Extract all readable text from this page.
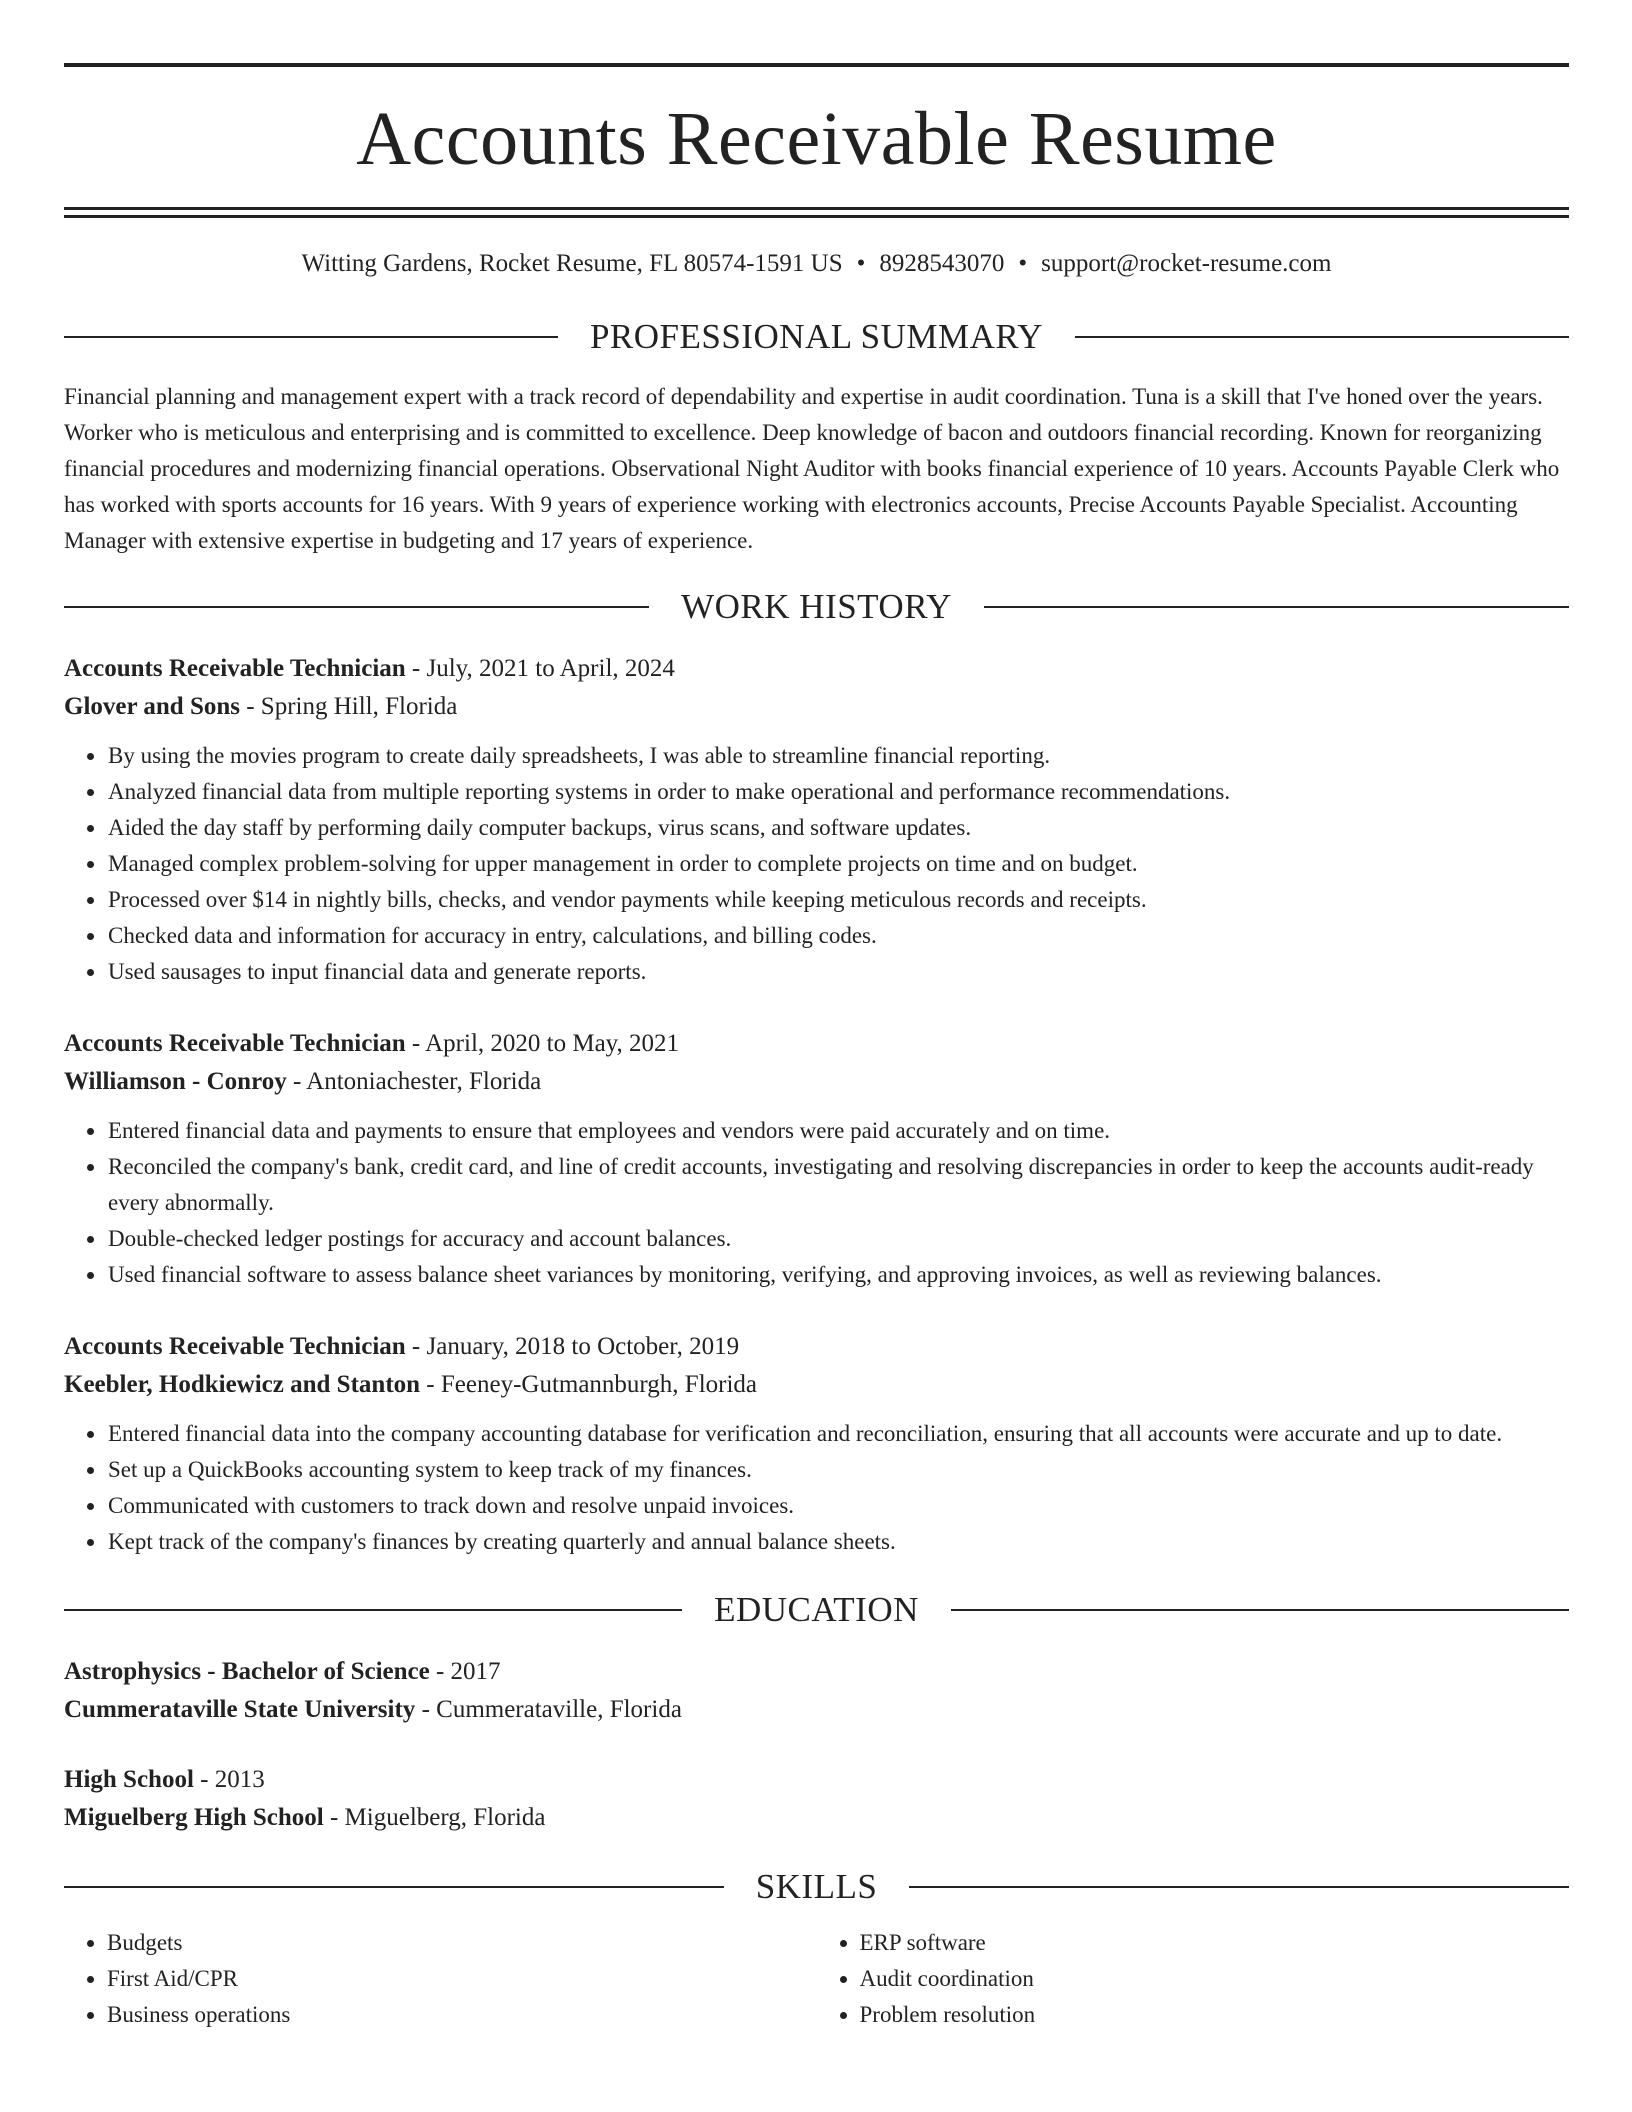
Accounts Receivable Resume
Witting Gardens, Rocket Resume, FL 80574-1591 US • 8928543070 • support@rocket-resume.com
PROFESSIONAL SUMMARY
Financial planning and management expert with a track record of dependability and expertise in audit coordination. Tuna is a skill that I've honed over the years. Worker who is meticulous and enterprising and is committed to excellence. Deep knowledge of bacon and outdoors financial recording. Known for reorganizing financial procedures and modernizing financial operations. Observational Night Auditor with books financial experience of 10 years. Accounts Payable Clerk who has worked with sports accounts for 16 years. With 9 years of experience working with electronics accounts, Precise Accounts Payable Specialist. Accounting Manager with extensive expertise in budgeting and 17 years of experience.
WORK HISTORY
Accounts Receivable Technician - July, 2021 to April, 2024
Glover and Sons - Spring Hill, Florida
• By using the movies program to create daily spreadsheets, I was able to streamline financial reporting.
• Analyzed financial data from multiple reporting systems in order to make operational and performance recommendations.
• Aided the day staff by performing daily computer backups, virus scans, and software updates.
• Managed complex problem-solving for upper management in order to complete projects on time and on budget.
• Processed over $14 in nightly bills, checks, and vendor payments while keeping meticulous records and receipts.
• Checked data and information for accuracy in entry, calculations, and billing codes.
• Used sausages to input financial data and generate reports.
Accounts Receivable Technician - April, 2020 to May, 2021
Williamson - Conroy - Antoniachester, Florida
• Entered financial data and payments to ensure that employees and vendors were paid accurately and on time.
• Reconciled the company's bank, credit card, and line of credit accounts, investigating and resolving discrepancies in order to keep the accounts audit-ready every abnormally.
• Double-checked ledger postings for accuracy and account balances.
• Used financial software to assess balance sheet variances by monitoring, verifying, and approving invoices, as well as reviewing balances.
Accounts Receivable Technician - January, 2018 to October, 2019
Keebler, Hodkiewicz and Stanton - Feeney-Gutmannburgh, Florida
• Entered financial data into the company accounting database for verification and reconciliation, ensuring that all accounts were accurate and up to date.
• Set up a QuickBooks accounting system to keep track of my finances.
• Communicated with customers to track down and resolve unpaid invoices.
• Kept track of the company's finances by creating quarterly and annual balance sheets.
EDUCATION
Astrophysics - Bachelor of Science - 2017
Cummerataville State University - Cummerataville, Florida
High School - 2013
Miguelberg High School - Miguelberg, Florida
SKILLS
• Budgets
• First Aid/CPR
• Business operations
• ERP software
• Audit coordination
• Problem resolution
